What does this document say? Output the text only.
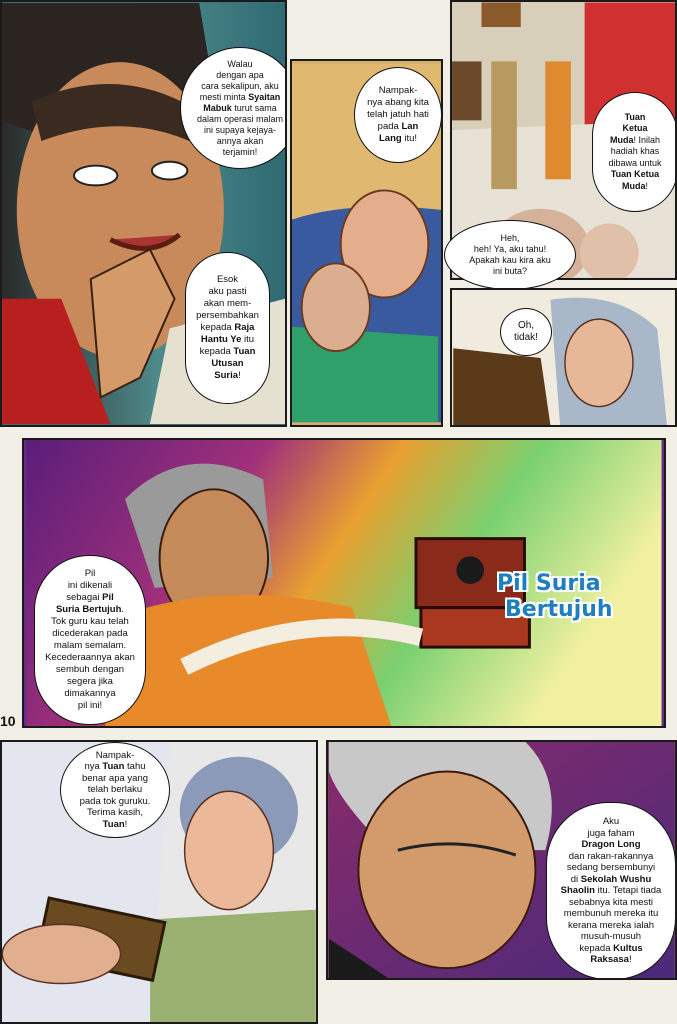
Walau
dengan apa
cara sekalipun, aku
mesti minta Syaitan
Mabuk turut sama
dalam operasi malam
ini supaya kejaya-
annya akan
terjamin!
Esok
aku pasti
akan mem-
persembahkan
kepada Raja
Hantu Ye itu
kepada Tuan
Utusan
Suria!
Nampak-
nya abang kita
telah jatuh hati
pada Lan
Lang itu!
Tuan
Ketua
Muda! Inilah
hadiah khas
dibawa untuk
Tuan Ketua
Muda!
Heh,
heh! Ya, aku tahu!
Apakah kau kira aku
ini buta?
Oh,
tidak!
Pil Suria
Bertujuh
Pil
ini dikenali
sebagai Pil
Suria Bertujuh.
Tok guru kau telah
dicederakan pada
malam semalam.
Kecederaannya akan
sembuh dengan
segera jika
dimakannya
pil ini!
10
Nampak-
nya Tuan tahu
benar apa yang
telah berlaku
pada tok guruku.
Terima kasih,
Tuan!	Aku
juga faham
Dragon Long
dan rakan-rakannya
sedang bersembunyi
di Sekolah Wushu
Shaolin itu. Tetapi tiada
sebabnya kita mesti
membunuh mereka itu
kerana mereka ialah
musuh-musuh
kepada Kultus
Raksasa!
